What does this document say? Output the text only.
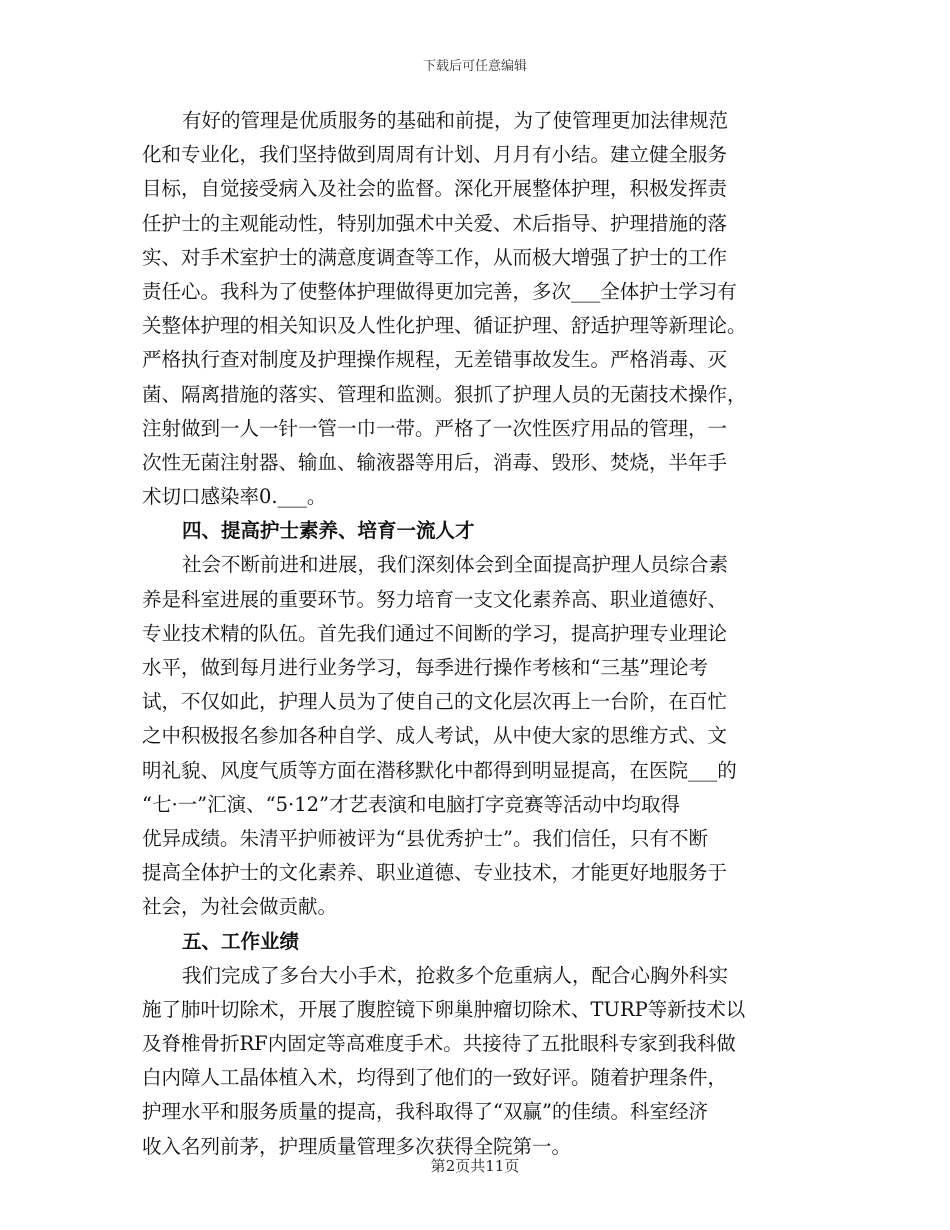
下载后可任意编辑
有好的管理是优质服务的基础和前提，为了使管理更加法律规范
化和专业化，我们坚持做到周周有计划、月月有小结。建立健全服务
目标，自觉接受病入及社会的监督。深化开展整体护理，积极发挥责
任护士的主观能动性，特别加强术中关爱、术后指导、护理措施的落
实、对手术室护士的满意度调查等工作，从而极大增强了护士的工作
责任心。我科为了使整体护理做得更加完善，多次___全体护士学习有
关整体护理的相关知识及人性化护理、循证护理、舒适护理等新理论。
严格执行查对制度及护理操作规程，无差错事故发生。严格消毒、灭
菌、隔离措施的落实、管理和监测。狠抓了护理人员的无菌技术操作，
注射做到一人一针一管一巾一带。严格了一次性医疗用品的管理，一
次性无菌注射器、输血、输液器等用后，消毒、毁形、焚烧，半年手
术切口感染率0.___。
四、提高护士素养、培育一流人才
社会不断前进和进展，我们深刻体会到全面提高护理人员综合素
养是科室进展的重要环节。努力培育一支文化素养高、职业道德好、
专业技术精的队伍。首先我们通过不间断的学习，提高护理专业理论
水平，做到每月进行业务学习，每季进行操作考核和“三基”理论考
试，不仅如此，护理人员为了使自己的文化层次再上一台阶，在百忙
之中积极报名参加各种自学、成人考试，从中使大家的思维方式、文
明礼貌、风度气质等方面在潜移默化中都得到明显提高，在医院___的
“七·一”汇演、“5·12”才艺表演和电脑打字竞赛等活动中均取得
优异成绩。朱清平护师被评为“县优秀护士”。我们信任，只有不断
提高全体护士的文化素养、职业道德、专业技术，才能更好地服务于
社会，为社会做贡献。
五、工作业绩
我们完成了多台大小手术，抢救多个危重病人，配合心胸外科实
施了肺叶切除术，开展了腹腔镜下卵巢肿瘤切除术、TURP等新技术以
及脊椎骨折RF内固定等高难度手术。共接待了五批眼科专家到我科做
白内障人工晶体植入术，均得到了他们的一致好评。随着护理条件，
护理水平和服务质量的提高，我科取得了“双赢”的佳绩。科室经济
收入名列前茅，护理质量管理多次获得全院第一。
第2页共11页
